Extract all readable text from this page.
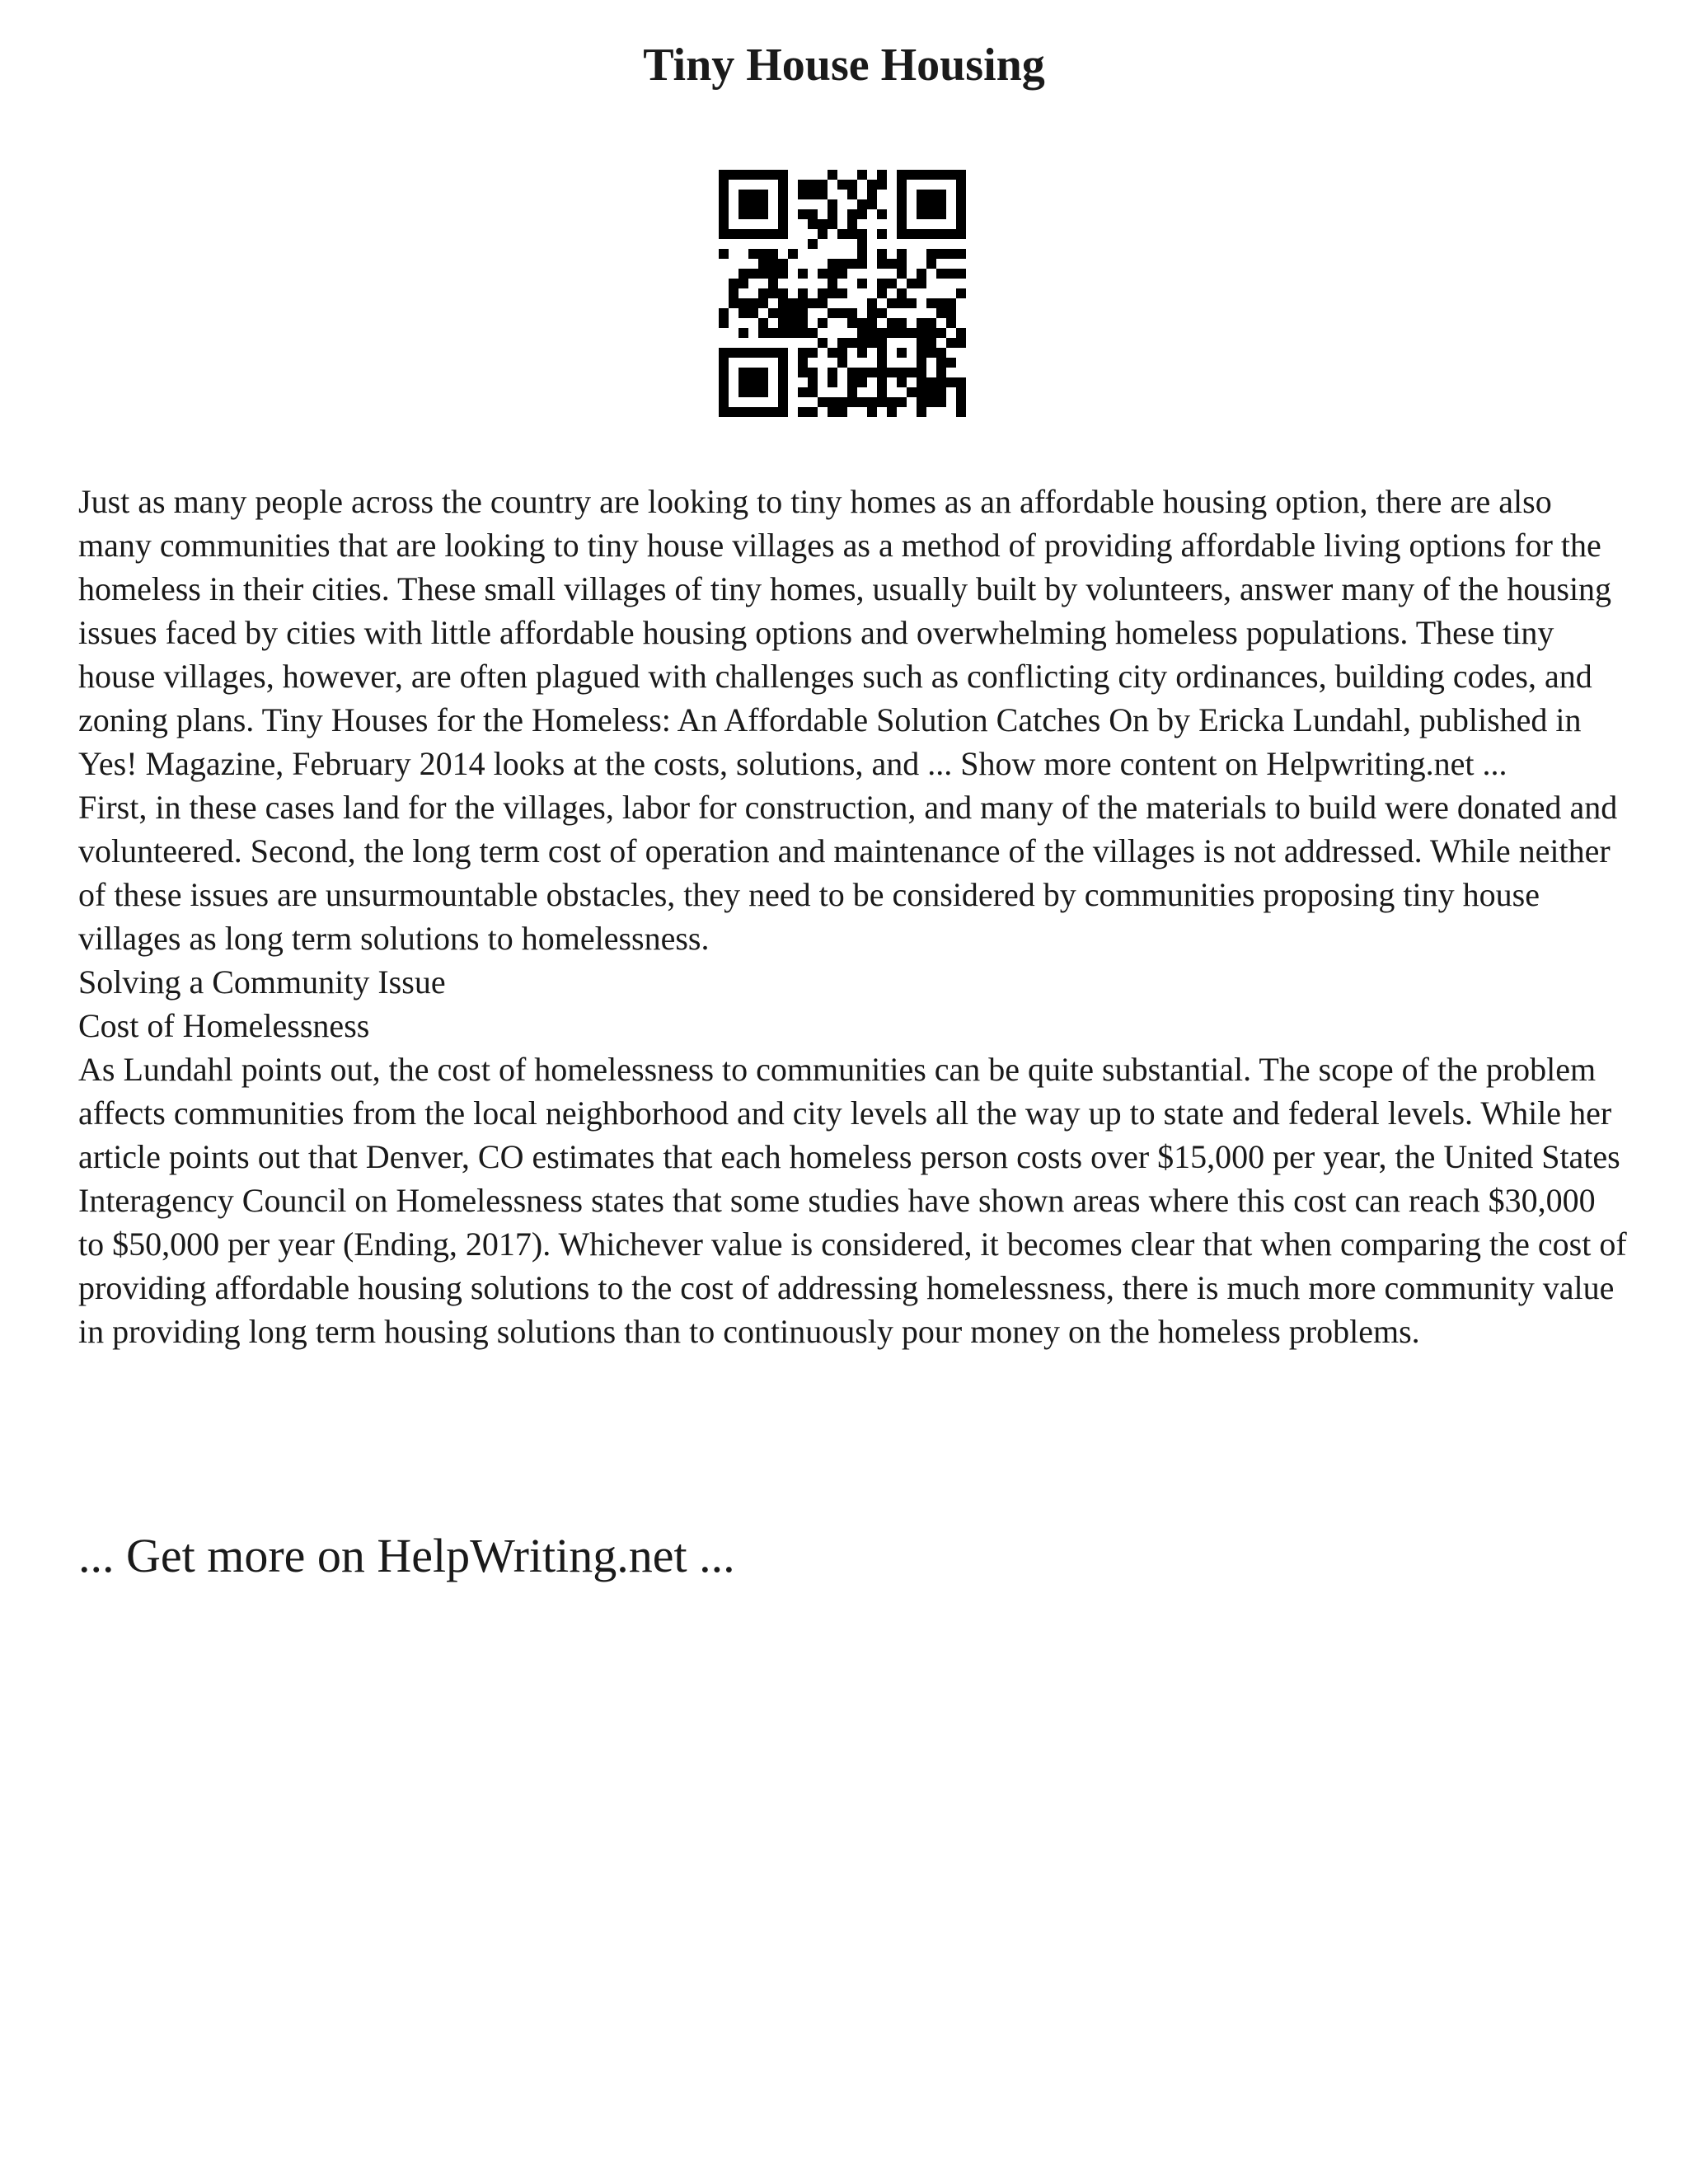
Tiny House Housing

Just as many people across the country are looking to tiny homes as an affordable housing option, there are also many communities that are looking to tiny house villages as a method of providing affordable living options for the homeless in their cities. These small villages of tiny homes, usually built by volunteers, answer many of the housing issues faced by cities with little affordable housing options and overwhelming homeless populations. These tiny house villages, however, are often plagued with challenges such as conflicting city ordinances, building codes, and zoning plans. Tiny Houses for the Homeless: An Affordable Solution Catches On by Ericka Lundahl, published in Yes! Magazine, February 2014 looks at the costs, solutions, and ... Show more content on Helpwriting.net ...

First, in these cases land for the villages, labor for construction, and many of the materials to build were donated and volunteered. Second, the long term cost of operation and maintenance of the villages is not addressed. While neither of these issues are unsurmountable obstacles, they need to be considered by communities proposing tiny house villages as long term solutions to homelessness.

Solving a Community Issue

Cost of Homelessness

As Lundahl points out, the cost of homelessness to communities can be quite substantial. The scope of the problem affects communities from the local neighborhood and city levels all the way up to state and federal levels. While her article points out that Denver, CO estimates that each homeless person costs over $15,000 per year, the United States Interagency Council on Homelessness states that some studies have shown areas where this cost can reach $30,000 to $50,000 per year (Ending, 2017). Whichever value is considered, it becomes clear that when comparing the cost of providing affordable housing solutions to the cost of addressing homelessness, there is much more community value in providing long term housing solutions than to continuously pour money on the homeless problems.

... Get more on HelpWriting.net ...
